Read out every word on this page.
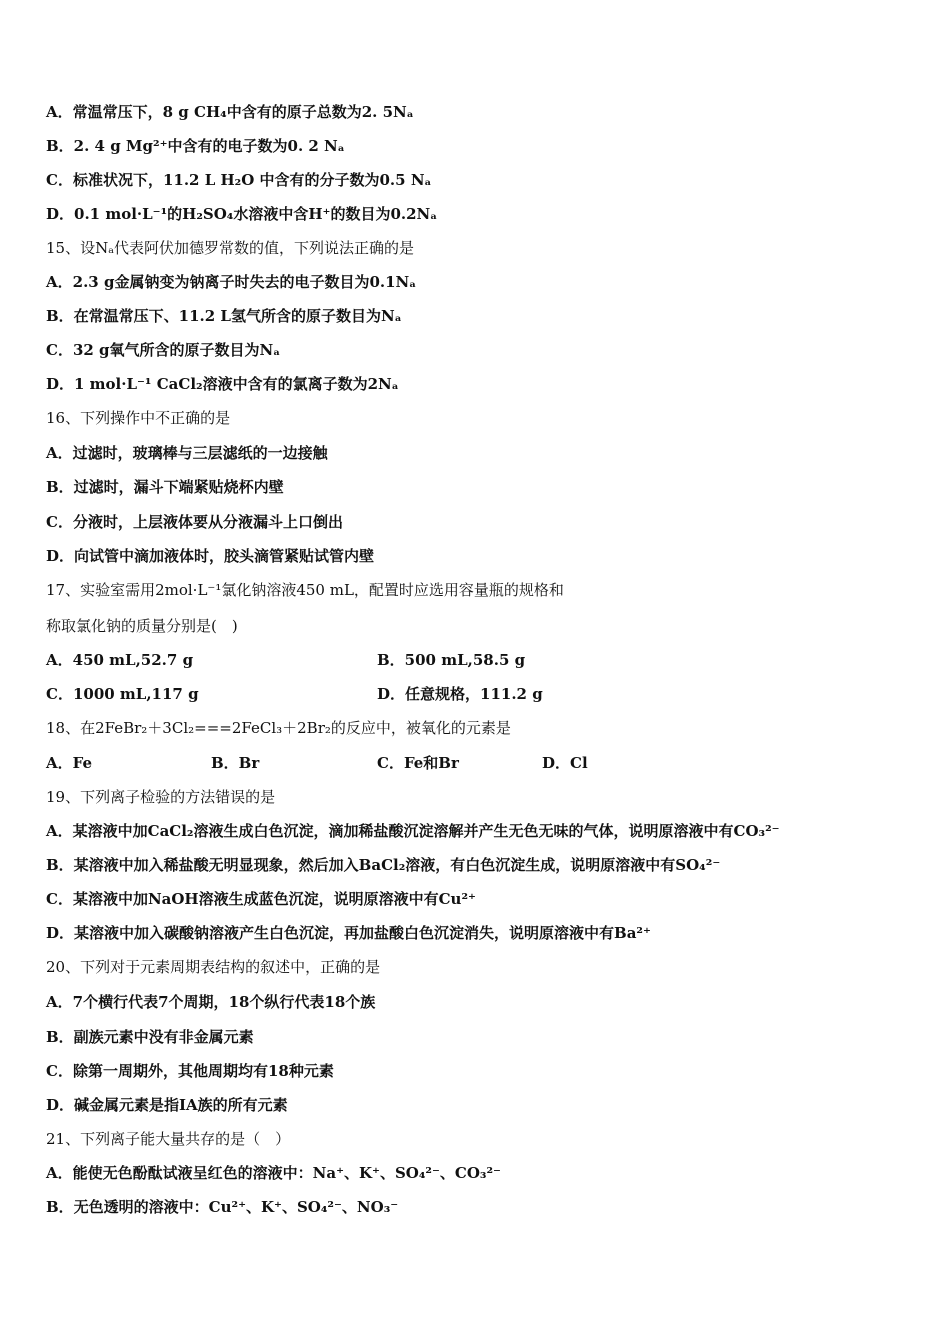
A．常温常压下，8 g CH₄中含有的原子总数为2. 5Nₐ
B．2. 4 g Mg²⁺中含有的电子数为0. 2 Nₐ
C．标准状况下，11.2 L H₂O 中含有的分子数为0.5 Nₐ
D．0.1 mol·L⁻¹的H₂SO₄水溶液中含H⁺的数目为0.2Nₐ
15、设Nₐ代表阿伏加德罗常数的值，下列说法正确的是
A．2.3 g金属钠变为钠离子时失去的电子数目为0.1Nₐ
B．在常温常压下、11.2 L氢气所含的原子数目为Nₐ
C．32 g氧气所含的原子数目为Nₐ
D．1 mol·L⁻¹ CaCl₂溶液中含有的氯离子数为2Nₐ
16、下列操作中不正确的是
A．过滤时，玻璃棒与三层滤纸的一边接触
B．过滤时，漏斗下端紧贴烧杯内壁
C．分液时，上层液体要从分液漏斗上口倒出
D．向试管中滴加液体时，胶头滴管紧贴试管内壁
17、实验室需用2mol·L⁻¹氯化钠溶液450 mL，配置时应选用容量瓶的规格和
称取氯化钠的质量分别是(　)
A．450 mL,52.7 g	B．500 mL,58.5 g
C．1000 mL,117 g	D．任意规格，111.2 g
18、在2FeBr₂＋3Cl₂===2FeCl₃＋2Br₂的反应中，被氧化的元素是
A．Fe	B．Br	C．Fe和Br	D．Cl
19、下列离子检验的方法错误的是
A．某溶液中加CaCl₂溶液生成白色沉淀，滴加稀盐酸沉淀溶解并产生无色无味的气体，说明原溶液中有CO₃²⁻
B．某溶液中加入稀盐酸无明显现象，然后加入BaCl₂溶液，有白色沉淀生成，说明原溶液中有SO₄²⁻
C．某溶液中加NaOH溶液生成蓝色沉淀，说明原溶液中有Cu²⁺
D．某溶液中加入碳酸钠溶液产生白色沉淀，再加盐酸白色沉淀消失，说明原溶液中有Ba²⁺
20、下列对于元素周期表结构的叙述中，正确的是
A．7个横行代表7个周期，18个纵行代表18个族
B．副族元素中没有非金属元素
C．除第一周期外，其他周期均有18种元素
D．碱金属元素是指ⅠA族的所有元素
21、下列离子能大量共存的是（　）
A．能使无色酚酞试液呈红色的溶液中：Na⁺、K⁺、SO₄²⁻、CO₃²⁻
B．无色透明的溶液中：Cu²⁺、K⁺、SO₄²⁻、NO₃⁻
